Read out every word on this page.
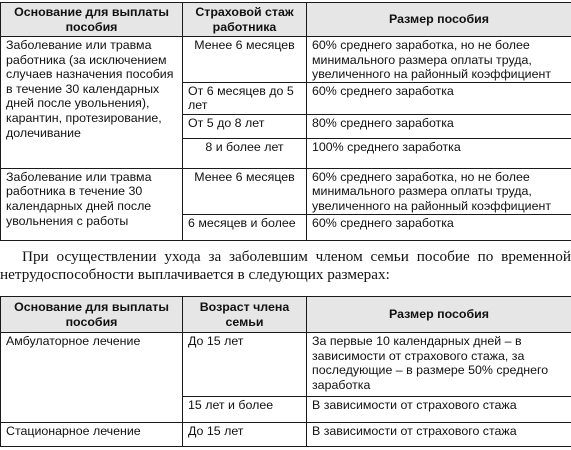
Основание для выплаты пособия	Страховой стаж работника	Размер пособия
Заболевание или травма работника (за исключением случаев назначения пособия в течение 30 календарных дней после увольнения), карантин, протезирование, долечивание	Менее 6 месяцев	60% среднего заработка, но не более минимального размера оплаты труда, увеличенного на районный коэффициент
	От 6 месяцев до 5 лет	60% среднего заработка
	От 5 до 8 лет	80% среднего заработка
	8 и более лет	100% среднего заработка
Заболевание или травма работника в течение 30 календарных дней после увольнения с работы	Менее 6 месяцев	60% среднего заработка, но не более минимального размера оплаты труда, увеличенного на районный коэффициент
	6 месяцев и более	60% среднего заработка
При осуществлении ухода за заболевшим членом семьи пособие по временной нетрудоспособности выплачивается в следующих размерах:
Основание для выплаты пособия	Возраст члена семьи	Размер пособия
Амбулаторное лечение	До 15 лет	За первые 10 календарных дней – в зависимости от страхового стажа, за последующие – в размере 50% среднего заработка
	15 лет и более	В зависимости от страхового стажа
Стационарное лечение	До 15 лет	В зависимости от страхового стажа
